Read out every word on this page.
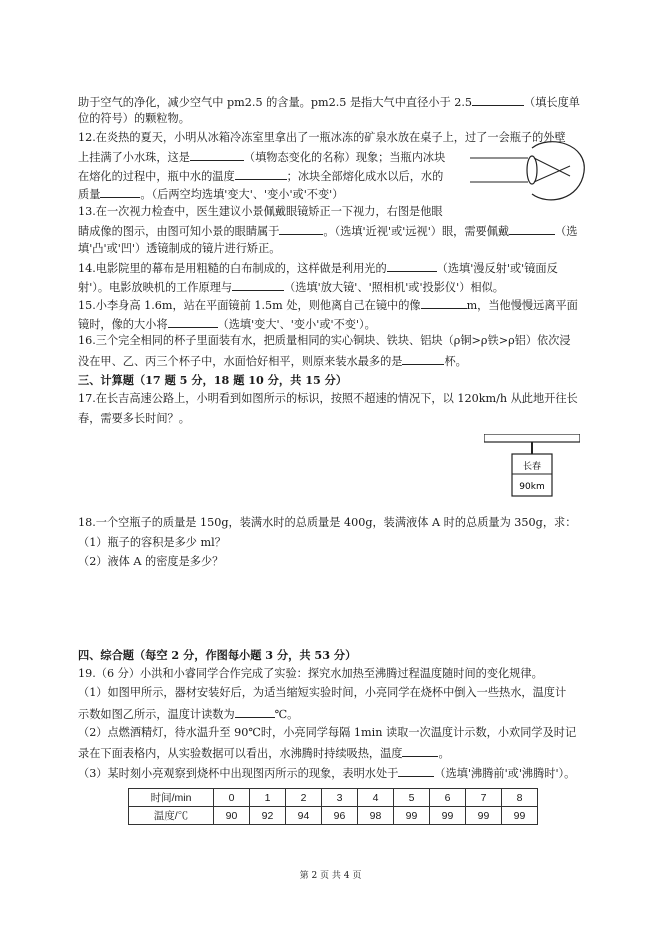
助于空气的净化，减少空气中 pm2.5 的含量。pm2.5 是指大气中直径小于 2.5	（填长度单
位的符号）的颗粒物。
12.在炎热的夏天，小明从冰箱冷冻室里拿出了一瓶冰冻的矿泉水放在桌子上，过了一会瓶子的外壁
上挂满了小水珠，这是	（填物态变化的名称）现象；当瓶内冰块
在熔化的过程中，瓶中水的温度	；冰块全部熔化成水以后，水的
质量	。（后两空均选填'变大'、'变小'或'不变'）
13.在一次视力检查中，医生建议小景佩戴眼镜矫正一下视力，右图是他眼
睛成像的图示，由图可知小景的眼睛属于	。（选填'近视'或'远视'）眼，需要佩戴	（选
填'凸'或'凹'）透镜制成的镜片进行矫正。
14.电影院里的幕布是用粗糙的白布制成的，这样做是利用光的	（选填'漫反射'或'镜面反
射'）。电影放映机的工作原理与	（选填'放大镜'、'照相机'或'投影仪'）相似。
15.小李身高 1.6m，站在平面镜前 1.5m 处，则他离自己在镜中的像	m，当他慢慢远离平面
镜时，像的大小将	（选填'变大'、'变小'或'不变'）。
16.三个完全相同的杯子里面装有水，把质量相同的实心铜块、铁块、铝块（ρ铜>ρ铁>ρ铝）依次浸
没在甲、乙、丙三个杯子中，水面恰好相平，则原来装水最多的是	杯。
三、计算题（17 题 5 分，18 题 10 分，共 15 分）
17.在长吉高速公路上，小明看到如图所示的标识，按照不超速的情况下，以 120km/h 从此地开往长
春，需要多长时间？。
18.一个空瓶子的质量是 150g，装满水时的总质量是 400g，装满液体 A 时的总质量为 350g，求：
（1）瓶子的容积是多少 ml？
（2）液体 A 的密度是多少？
四、综合题（每空 2 分，作图每小题 3 分，共 53 分）
19.（6 分）小洪和小睿同学合作完成了实验：探究水加热至沸腾过程温度随时间的变化规律。
（1）如图甲所示，器材安装好后，为适当缩短实验时间，小亮同学在烧杯中倒入一些热水，温度计
示数如图乙所示，温度计读数为	℃。
（2）点燃酒精灯，待水温升至 90℃时，小亮同学每隔 1min 读取一次温度计示数，小欢同学及时记
录在下面表格内，从实验数据可以看出，水沸腾时持续吸热，温度	。
（3）某时刻小亮观察到烧杯中出现图丙所示的现象，表明水处于	（选填'沸腾前'或'沸腾时'）。
长春
90km
时间/min	0	1	2	3	4	5	6	7	8
温度/℃	90	92	94	96	98	99	99	99	99
第 2 页 共 4 页
